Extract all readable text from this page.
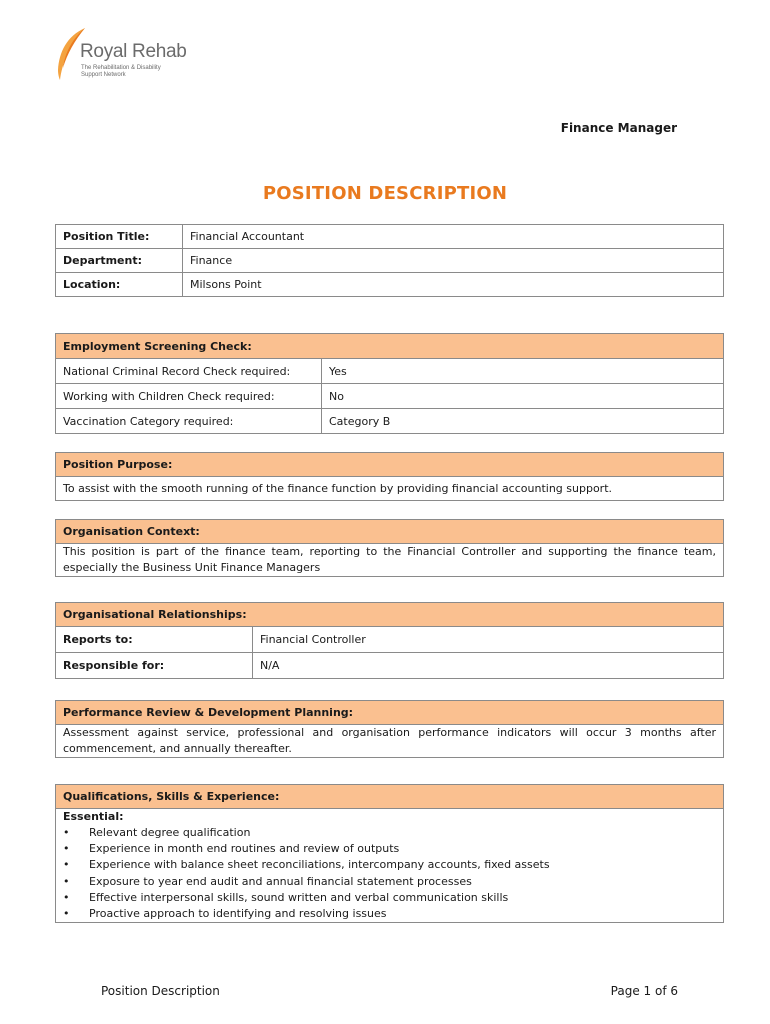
Royal Rehab
The Rehabilitation & Disability
Support Network
Finance Manager
POSITION DESCRIPTION
Position Title:	Financial Accountant
Department:	Finance
Location:	Milsons Point
Employment Screening Check:	
National Criminal Record Check required:	Yes
Working with Children Check required:	No
Vaccination Category required:	Category B
Position Purpose:
To assist with the smooth running of the finance function by providing financial accounting support.
Organisation Context:
This position is part of the finance team, reporting to the Financial Controller and supporting the finance team, especially the Business Unit Finance Managers
Organisational Relationships:	
Reports to:	Financial Controller
Responsible for:	N/A
Performance Review & Development Planning:
Assessment against service, professional and organisation performance indicators will occur 3 months after commencement, and annually thereafter.
Qualifications, Skills & Experience:

Essential:
• Relevant degree qualification
• Experience in month end routines and review of outputs
• Experience with balance sheet reconciliations, intercompany accounts, fixed assets
• Exposure to year end audit and annual financial statement processes
• Effective interpersonal skills, sound written and verbal communication skills
• Proactive approach to identifying and resolving issues
Position Description	Page 1 of 6
